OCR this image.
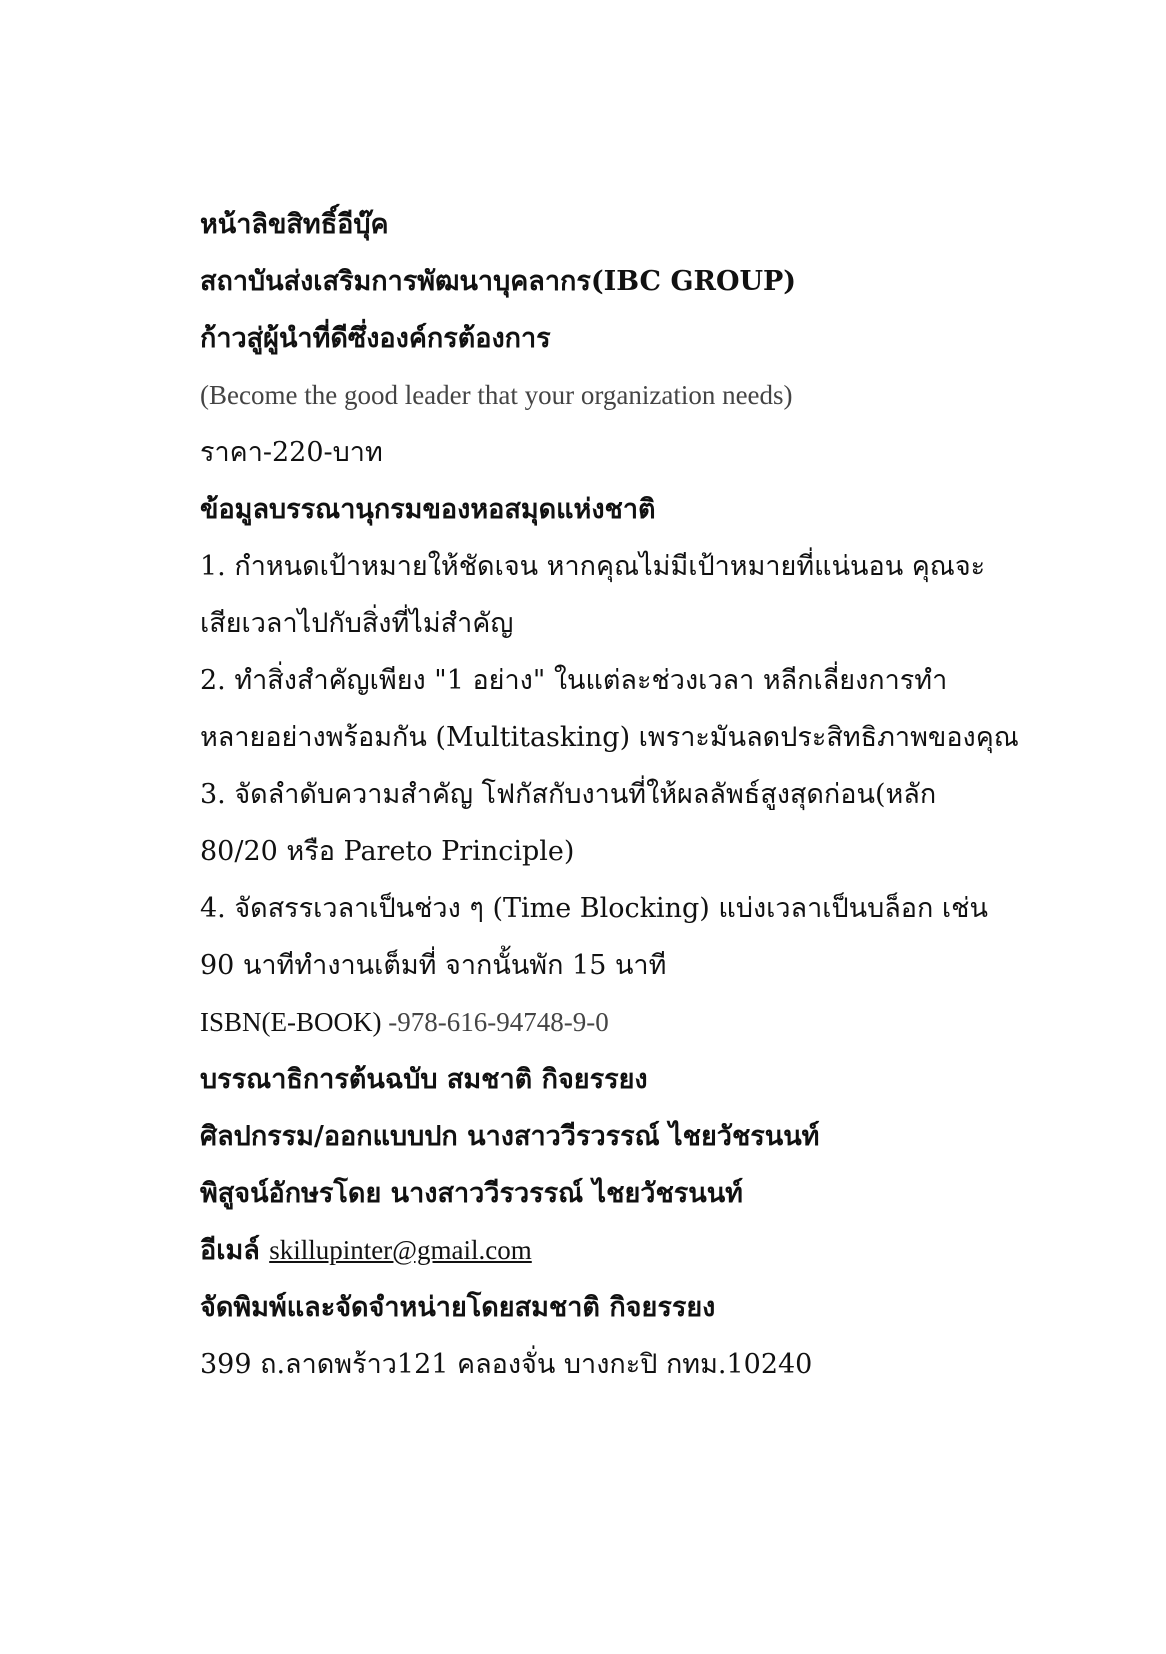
หน้าลิขสิทธิ์อีบุ๊ค
สถาบันส่งเสริมการพัฒนาบุคลากร(IBC GROUP)
ก้าวสู่ผู้นำที่ดีซึ่งองค์กรต้องการ
(Become the good leader that your organization needs)
ราคา-220-บาท
ข้อมูลบรรณานุกรมของหอสมุดแห่งชาติ
1. กำหนดเป้าหมายให้ชัดเจน หากคุณไม่มีเป้าหมายที่แน่นอน คุณจะ
เสียเวลาไปกับสิ่งที่ไม่สำคัญ
2. ทำสิ่งสำคัญเพียง "1 อย่าง" ในแต่ละช่วงเวลา หลีกเลี่ยงการทำ
หลายอย่างพร้อมกัน (Multitasking) เพราะมันลดประสิทธิภาพของคุณ
3. จัดลำดับความสำคัญ โฟกัสกับงานที่ให้ผลลัพธ์สูงสุดก่อน(หลัก
80/20 หรือ Pareto Principle)
4. จัดสรรเวลาเป็นช่วง ๆ (Time Blocking) แบ่งเวลาเป็นบล็อก เช่น
90 นาทีทำงานเต็มที่ จากนั้นพัก 15 นาที
ISBN(E-BOOK) -978-616-94748-9-0
บรรณาธิการต้นฉบับ สมชาติ กิจยรรยง
ศิลปกรรม/ออกแบบปก นางสาววีรวรรณ์ ไชยวัชรนนท์
พิสูจน์อักษรโดย นางสาววีรวรรณ์ ไชยวัชรนนท์
อีเมล์ skillupinter@gmail.com
จัดพิมพ์และจัดจำหน่ายโดยสมชาติ กิจยรรยง
399 ถ.ลาดพร้าว121 คลองจั่น บางกะปิ กทม.10240
